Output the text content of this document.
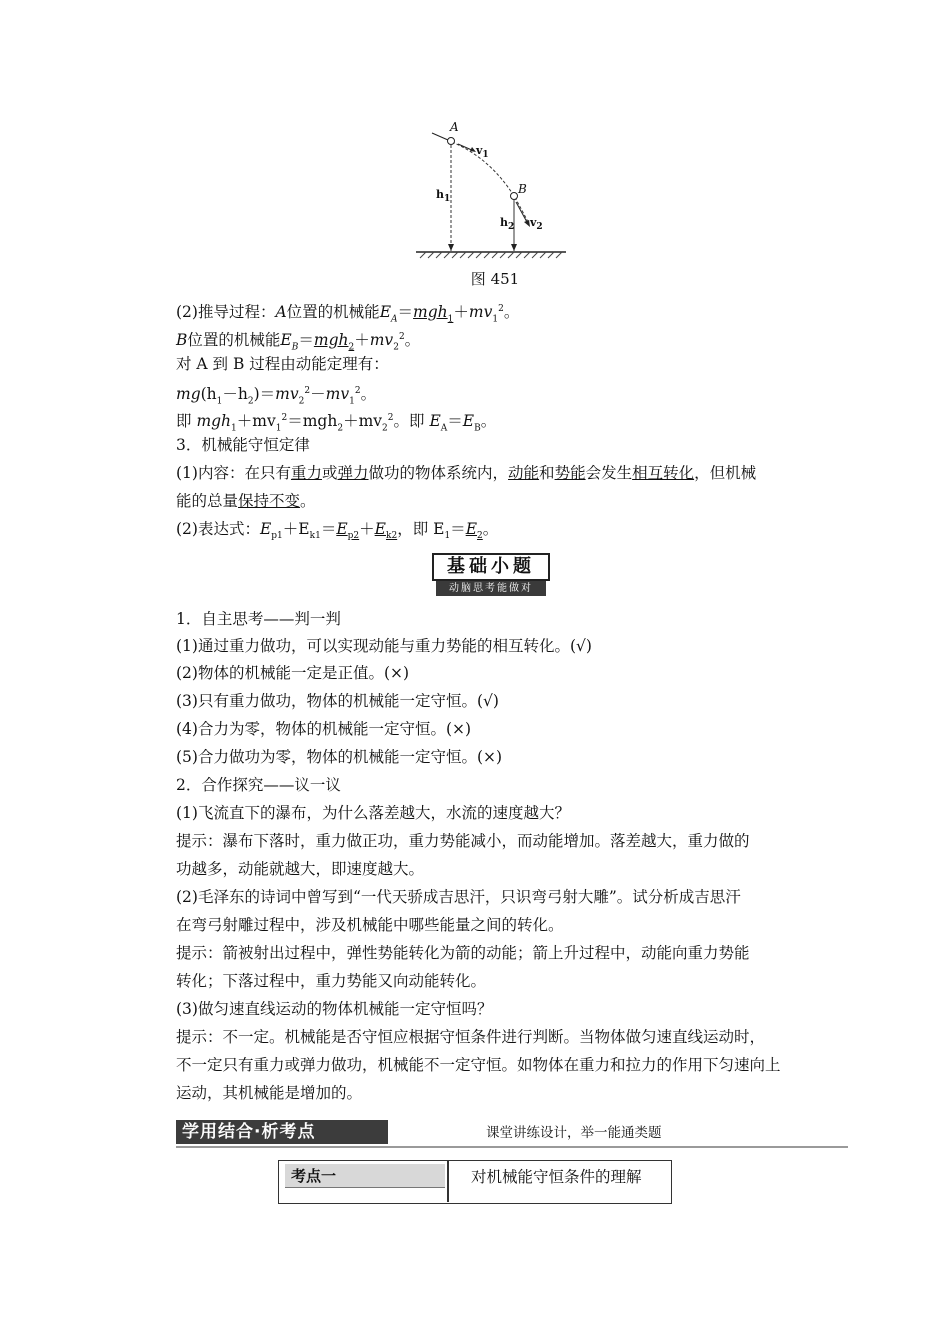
A
B
$v_1$
$v_2$
$h_1$
$h_2$
图 451
(2)推导过程：A位置的机械能$E_A=mgh_1+mv_1^2$。
B位置的机械能$E_B=mgh_2+mv_2^2$。
对 A 到 B 过程由动能定理有：
$mg(h_1-h_2)=mv_2^2-mv_1^2$。
即 $mgh_1+mv_1^2=mgh_2+mv_2^2$。即 $E_A=E_B$。
3．机械能守恒定律
(1)内容：在只有重力或弹力做功的物体系统内，动能和势能会发生相互转化，但机械
能的总量保持不变。
(2)表达式：$E_{p1}+E_{k1}=E_{p2}+E_{k2}$，即 $E_1=E_2$。
基础小题
动脑思考能做对
1．自主思考——判一判
(1)通过重力做功，可以实现动能与重力势能的相互转化。(√)
(2)物体的机械能一定是正值。(×)
(3)只有重力做功，物体的机械能一定守恒。(√)
(4)合力为零，物体的机械能一定守恒。(×)
(5)合力做功为零，物体的机械能一定守恒。(×)
2．合作探究——议一议
(1)飞流直下的瀑布，为什么落差越大，水流的速度越大？
提示：瀑布下落时，重力做正功，重力势能减小，而动能增加。落差越大，重力做的
功越多，动能就越大，即速度越大。
(2)毛泽东的诗词中曾写到“一代天骄成吉思汗，只识弯弓射大雕”。试分析成吉思汗
在弯弓射雕过程中，涉及机械能中哪些能量之间的转化。
提示：箭被射出过程中，弹性势能转化为箭的动能；箭上升过程中，动能向重力势能
转化；下落过程中，重力势能又向动能转化。
(3)做匀速直线运动的物体机械能一定守恒吗？
提示：不一定。机械能是否守恒应根据守恒条件进行判断。当物体做匀速直线运动时，
不一定只有重力或弹力做功，机械能不一定守恒。如物体在重力和拉力的作用下匀速向上
运动，其机械能是增加的。
学用结合·析考点	课堂讲练设计，举一能通类题
考点一	对机械能守恒条件的理解
